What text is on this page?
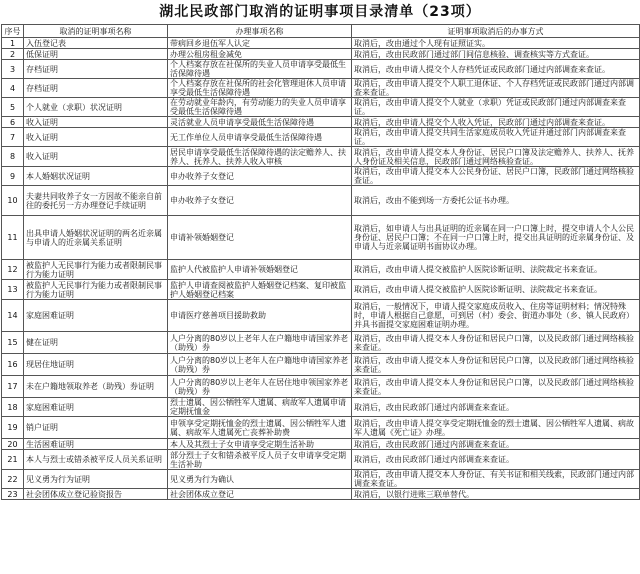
湖北民政部门取消的证明事项目录清单（23项）
序号	取消的证明事项名称	办理事项名称	证明事项取消后的办事方式
1	入伍登记表	带病回乡退伍军人认定	取消后，改由通过个人现有证照证实。
2	低保证明	办理公租房租金减免	取消后，改由民政部门通过部门间信息核验、调查核实等方式查证。
3	存档证明	个人档案存放在社保所的失业人员申请享受最低生活保障待遇	取消后，改由申请人提交个人存档凭证或民政部门通过内部调查来查证。
4	存档证明	个人档案存放在社保所的社会化管理退休人员申请享受最低生活保障待遇	取消后，改由申请人提交个人职工退休证、个人存档凭证或民政部门通过内部调查来查证。
5	个人就业（求职）状况证明	在劳动就业年龄内，有劳动能力的失业人员申请享受最低生活保障待遇	取消后，改由申请人提交个人就业（求职）凭证或民政部门通过内部调查来查证。
6	收入证明	灵活就业人员申请享受最低生活保障待遇	取消后，改由申请人提交个人收入凭证，民政部门通过内部调查来查证。
7	收入证明	无工作单位人员申请享受最低生活保障待遇	取消后，改由申请人提交共同生活家庭成员收入凭证并通过部门内部调查来查证。
8	收入证明	居民申请享受最低生活保障待遇的法定赡养人、扶养人、抚养人、扶养人收入审核	取消后，改由申请人提交本人身份证、居民户口簿及法定赡养人、扶养人、抚养人身份证及相关信息，民政部门通过网络核验查证。
9	本人婚姻状况证明	申办收养子女登记	取消后，改由申请人提交本人公民身份证、居民户口簿，民政部门通过网络核验查证。
10	夫妻共同收养子女一方因故不能亲自前往的委托另一方办理登记手续证明	申办收养子女登记	取消后，改由不能到场一方委托公证书办理。
11	出具申请人婚姻状况证明的两名近亲属与申请人的近亲属关系证明	申请补领婚姻登记	取消后，如申请人与出具证明的近亲属在同一户口簿上时，提交申请人个人公民身份证、居民户口簿；不在同一户口簿上时，提交出具证明的近亲属身份证、及申请人与近亲属证明书面协议办理。
12	被监护人无民事行为能力或者限制民事行为能力证明	监护人代被监护人申请补领婚姻登记	取消后，改由申请人提交被监护人医院诊断证明、法院裁定书来查证。
13	被监护人无民事行为能力或者限制民事行为能力证明	监护人申请查阅被监护人婚姻登记档案、复印被监护人婚姻登记档案	取消后，改由申请人提交被监护人医院诊断证明、法院裁定书来查证。
14	家庭困难证明	申请医疗慈善项目援助救助	取消后，一般情况下，申请人提交家庭成员收入、住房等证明材料；情况特殊时，申请人根据自己意愿，可到居（村）委会、街道办事处（乡、镇人民政府）并具书面提交家庭困难证明办理。
15	健在证明	人户分离的80岁以上老年人在户籍地申请国家养老（助残）券	取消后，改由申请人提交本人身份证和居民户口簿，以及民政部门通过网络核验来查证。
16	现居住地证明	人户分离的80岁以上老年人在户籍地申请国家养老（助残）券	取消后，改由申请人提交本人身份证和居民户口簿，以及民政部门通过网络核验来查证。
17	未在户籍地领取养老（助残）券证明	人户分离的80岁以上老年人在居住地申领国家养老（助残）券	取消后，改由申请人提交本人身份证和居民户口簿，以及民政部门通过网络核验来查证。
18	家庭困难证明	烈士遗属、因公牺牲军人遗属、病故军人遗属申请定期抚恤金	取消后，改由民政部门通过内部调查来查证。
19	销户证明	申领享受定期抚恤金的烈士遗属、因公牺牲军人遗属、病故军人遗属死亡丧葬补助费	取消后，改由申请人提交享受定期抚恤金的烈士遗属、因公牺牲军人遗属、病故军人遗属《死亡证》办理。
20	生活困难证明	本人及其烈士子女申请享受定期生活补助	取消后，改由民政部门通过内部调查来查证。
21	本人与烈士或错杀被平反人员关系证明	部分烈士子女和错杀被平反人员子女申请享受定期生活补助	取消后，改由民政部门通过内部调查来查证。
22	见义勇为行为证明	见义勇为行为确认	取消后，改由申请人提交本人身份证、有关书证和相关线索，民政部门通过内部调查来查证。
23	社会团体成立登记验资报告	社会团体成立登记	取消后，以银行进账三联单替代。
